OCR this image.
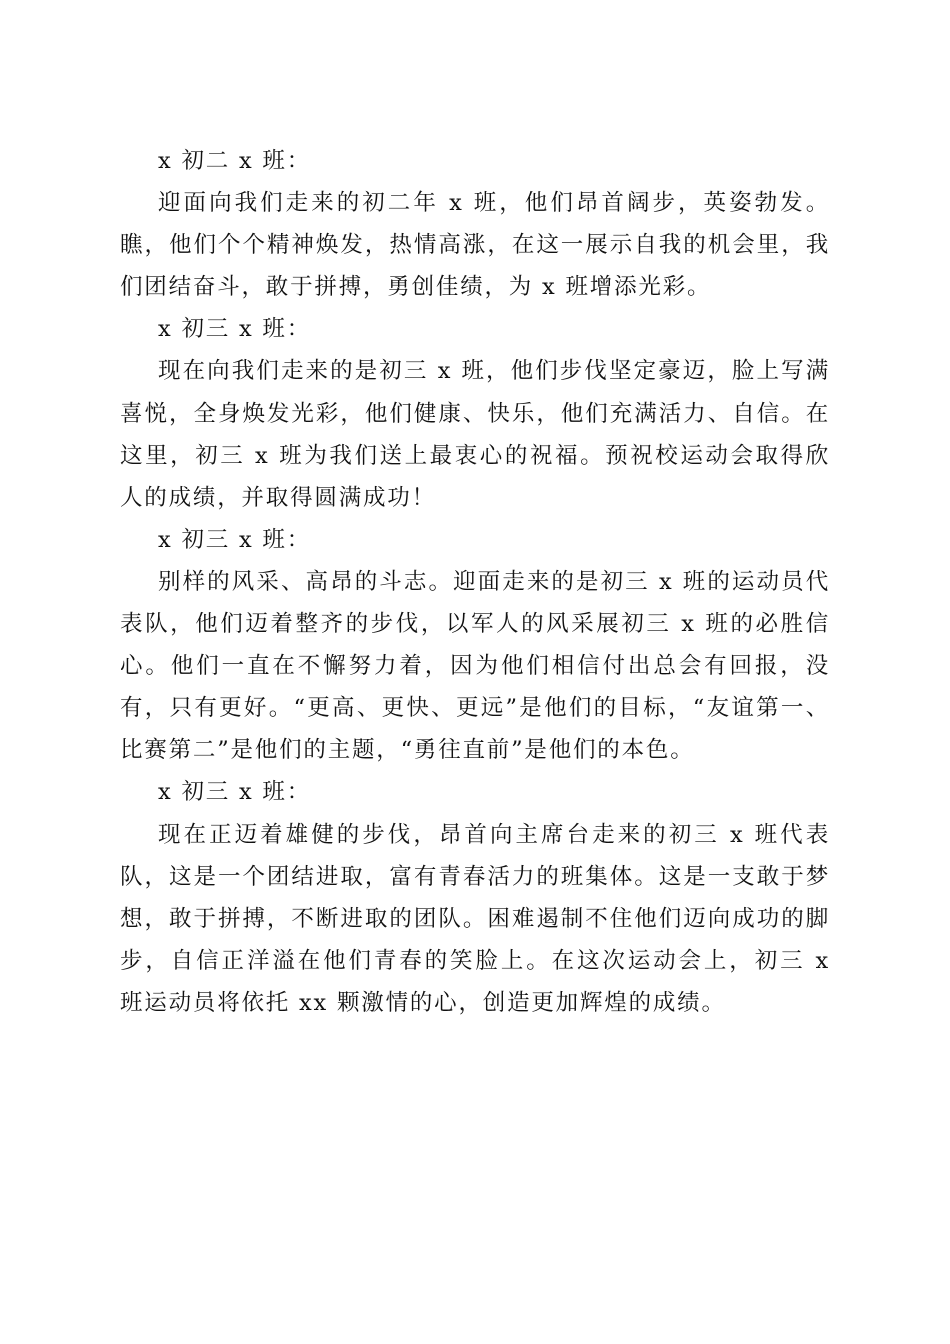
x 初二 x 班：

迎面向我们走来的初二年 x 班，他们昂首阔步，英姿勃发。瞧，他们个个精神焕发，热情高涨，在这一展示自我的机会里，我们团结奋斗，敢于拼搏，勇创佳绩，为 x 班增添光彩。

x 初三 x 班：

现在向我们走来的是初三 x 班，他们步伐坚定豪迈，脸上写满喜悦，全身焕发光彩，他们健康、快乐，他们充满活力、自信。在这里，初三 x 班为我们送上最衷心的祝福。预祝校运动会取得欣人的成绩，并取得圆满成功！

x 初三 x 班：

别样的风采、高昂的斗志。迎面走来的是初三 x 班的运动员代表队，他们迈着整齐的步伐，以军人的风采展初三 x 班的必胜信心。他们一直在不懈努力着，因为他们相信付出总会有回报，没有，只有更好。“更高、更快、更远”是他们的目标，“友谊第一、比赛第二”是他们的主题，“勇往直前”是他们的本色。

x 初三 x 班：

现在正迈着雄健的步伐，昂首向主席台走来的初三 x 班代表队，这是一个团结进取，富有青春活力的班集体。这是一支敢于梦想，敢于拼搏，不断进取的团队。困难遏制不住他们迈向成功的脚步，自信正洋溢在他们青春的笑脸上。在这次运动会上，初三 x 班运动员将依托 xx 颗激情的心，创造更加辉煌的成绩。
